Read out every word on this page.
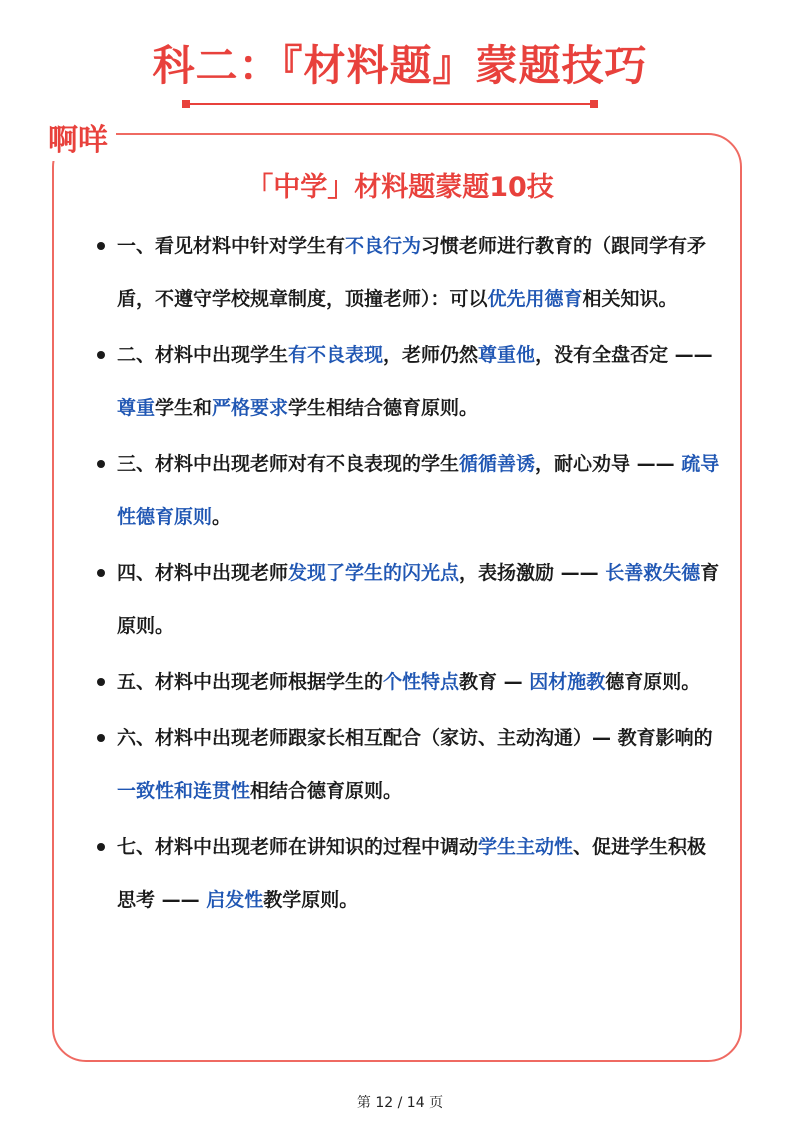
科二：『材料题』蒙题技巧
啊咩
「中学」材料题蒙题10技
一、看见材料中针对学生有不良行为习惯老师进行教育的（跟同学有矛盾，不遵守学校规章制度，顶撞老师）：可以优先用德育相关知识。
二、材料中出现学生有不良表现，老师仍然尊重他，没有全盘否定 —— 尊重学生和严格要求学生相结合德育原则。
三、材料中出现老师对有不良表现的学生循循善诱，耐心劝导 —— 疏导性德育原则。
四、材料中出现老师发现了学生的闪光点，表扬激励 —— 长善救失德育原则。
五、材料中出现老师根据学生的个性特点教育 — 因材施教德育原则。
六、材料中出现老师跟家长相互配合（家访、主动沟通）— 教育影响的一致性和连贯性相结合德育原则。
七、材料中出现老师在讲知识的过程中调动学生主动性、促进学生积极思考 —— 启发性教学原则。
第 12 / 14 页
